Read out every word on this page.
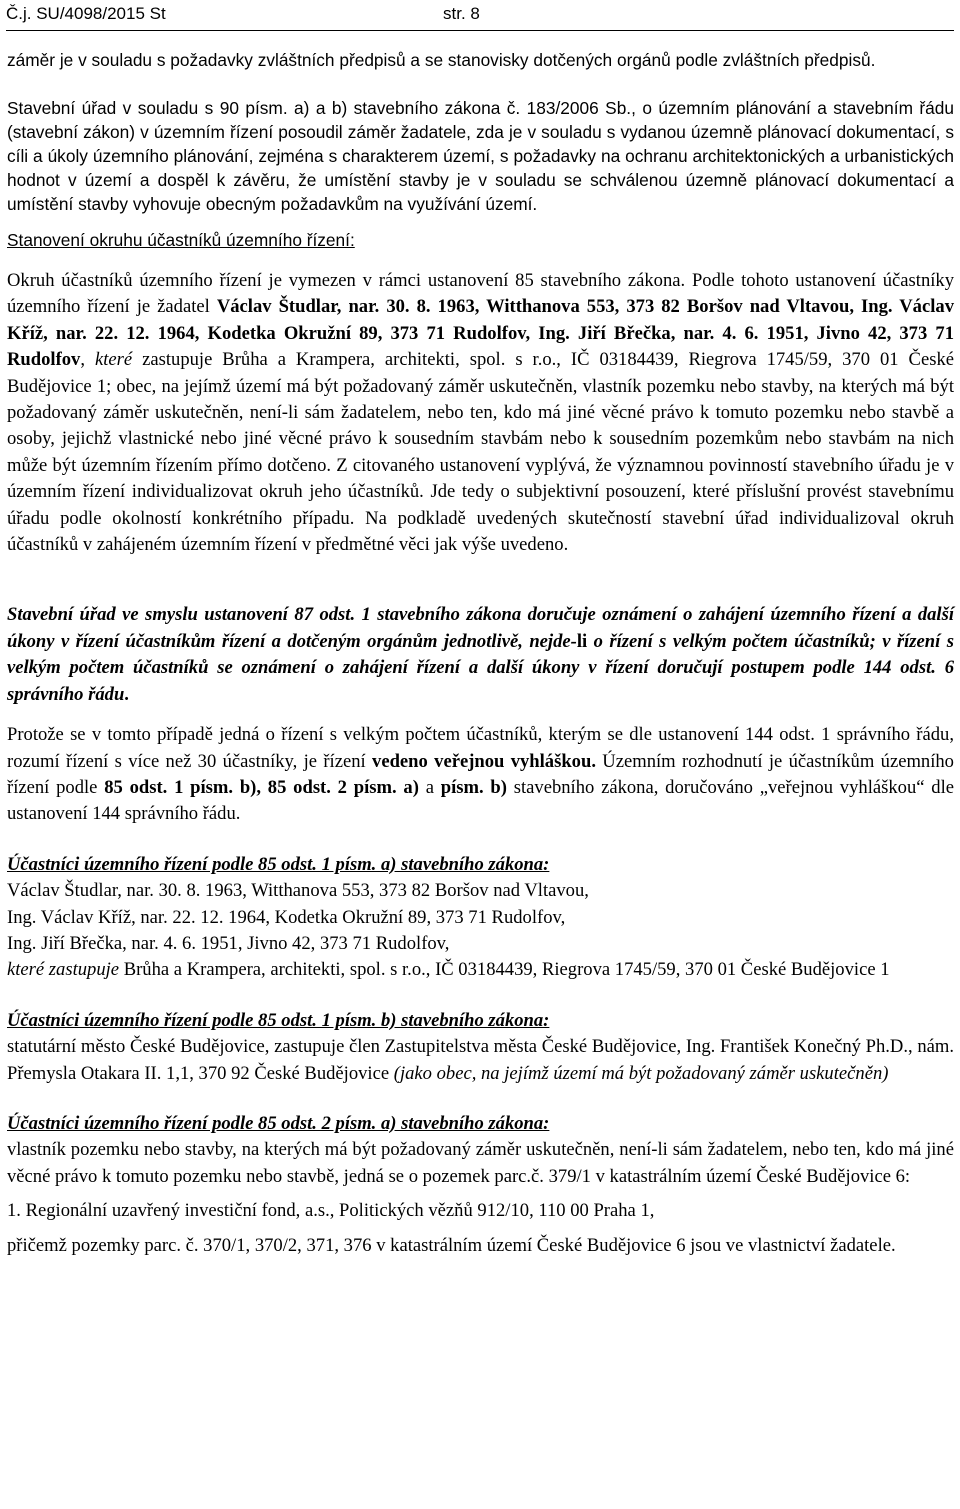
Č.j. SU/4098/2015 St	str. 8

záměr je v souladu s požadavky zvláštních předpisů a se stanovisky dotčených orgánů podle zvláštních předpisů.

Stavební úřad v souladu s 90 písm. a) a b) stavebního zákona č. 183/2006 Sb., o územním plánování a stavebním řádu (stavební zákon) v územním řízení posoudil záměr žadatele, zda je v souladu s vydanou územně plánovací dokumentací, s cíli a úkoly územního plánování, zejména s charakterem území, s požadavky na ochranu architektonických a urbanistických hodnot v území a dospěl k závěru, že umístění stavby je v souladu se schválenou územně plánovací dokumentací a umístění stavby vyhovuje obecným požadavkům na využívání území.

Stanovení okruhu účastníků územního řízení:

Okruh účastníků územního řízení je vymezen v rámci ustanovení 85 stavebního zákona. Podle tohoto ustanovení účastníky územního řízení je žadatel Václav Študlar, nar. 30. 8. 1963, Witthanova 553, 373 82 Boršov nad Vltavou, Ing. Václav Kříž, nar. 22. 12. 1964, Kodetka Okružní 89, 373 71 Rudolfov, Ing. Jiří Břečka, nar. 4. 6. 1951, Jivno 42, 373 71 Rudolfov, které zastupuje Brůha a Krampera, architekti, spol. s r.o., IČ 03184439, Riegrova 1745/59, 370 01 České Budějovice 1; obec, na jejímž území má být požadovaný záměr uskutečněn, vlastník pozemku nebo stavby, na kterých má být požadovaný záměr uskutečněn, není-li sám žadatelem, nebo ten, kdo má jiné věcné právo k tomuto pozemku nebo stavbě a osoby, jejichž vlastnické nebo jiné věcné právo k sousedním stavbám nebo k sousedním pozemkům nebo stavbám na nich může být územním řízením přímo dotčeno. Z citovaného ustanovení vyplývá, že významnou povinností stavebního úřadu je v územním řízení individualizovat okruh jeho účastníků. Jde tedy o subjektivní posouzení, které příslušní provést stavebnímu úřadu podle okolností konkrétního případu. Na podkladě uvedených skutečností stavební úřad individualizoval okruh účastníků v zahájeném územním řízení v předmětné věci jak výše uvedeno.

Stavební úřad ve smyslu ustanovení 87 odst. 1 stavebního zákona doručuje oznámení o zahájení územního řízení a další úkony v řízení účastníkům řízení a dotčeným orgánům jednotlivě, nejde-li o řízení s velkým počtem účastníků; v řízení s velkým počtem účastníků se oznámení o zahájení řízení a další úkony v řízení doručují postupem podle 144 odst. 6 správního řádu.

Protože se v tomto případě jedná o řízení s velkým počtem účastníků, kterým se dle ustanovení 144 odst. 1 správního řádu, rozumí řízení s více než 30 účastníky, je řízení vedeno veřejnou vyhláškou. Územním rozhodnutí je účastníkům územního řízení podle 85 odst. 1 písm. b), 85 odst. 2 písm. a) a písm. b) stavebního zákona, doručováno „veřejnou vyhláškou“ dle ustanovení 144 správního řádu.

Účastníci územního řízení podle 85 odst. 1 písm. a) stavebního zákona:
Václav Študlar, nar. 30. 8. 1963, Witthanova 553, 373 82 Boršov nad Vltavou,
Ing. Václav Kříž, nar. 22. 12. 1964, Kodetka Okružní 89, 373 71 Rudolfov,
Ing. Jiří Břečka, nar. 4. 6. 1951, Jivno 42, 373 71 Rudolfov,
které zastupuje Brůha a Krampera, architekti, spol. s r.o., IČ 03184439, Riegrova 1745/59, 370 01 České Budějovice 1
Účastníci územního řízení podle 85 odst. 1 písm. b) stavebního zákona:

statutární město České Budějovice, zastupuje člen Zastupitelstva města České Budějovice, Ing. František Konečný Ph.D., nám. Přemysla Otakara II. 1,1, 370 92 České Budějovice (jako obec, na jejímž území má být požadovaný záměr uskutečněn)

Účastníci územního řízení podle 85 odst. 2 písm. a) stavebního zákona:

vlastník pozemku nebo stavby, na kterých má být požadovaný záměr uskutečněn, není-li sám žadatelem, nebo ten, kdo má jiné věcné právo k tomuto pozemku nebo stavbě, jedná se o pozemek parc.č. 379/1 v katastrálním území České Budějovice 6:

1. Regionální uzavřený investiční fond, a.s., Politických vězňů 912/10, 110 00 Praha 1,

přičemž pozemky parc. č. 370/1, 370/2, 371, 376 v katastrálním území České Budějovice 6 jsou ve vlastnictví žadatele.
